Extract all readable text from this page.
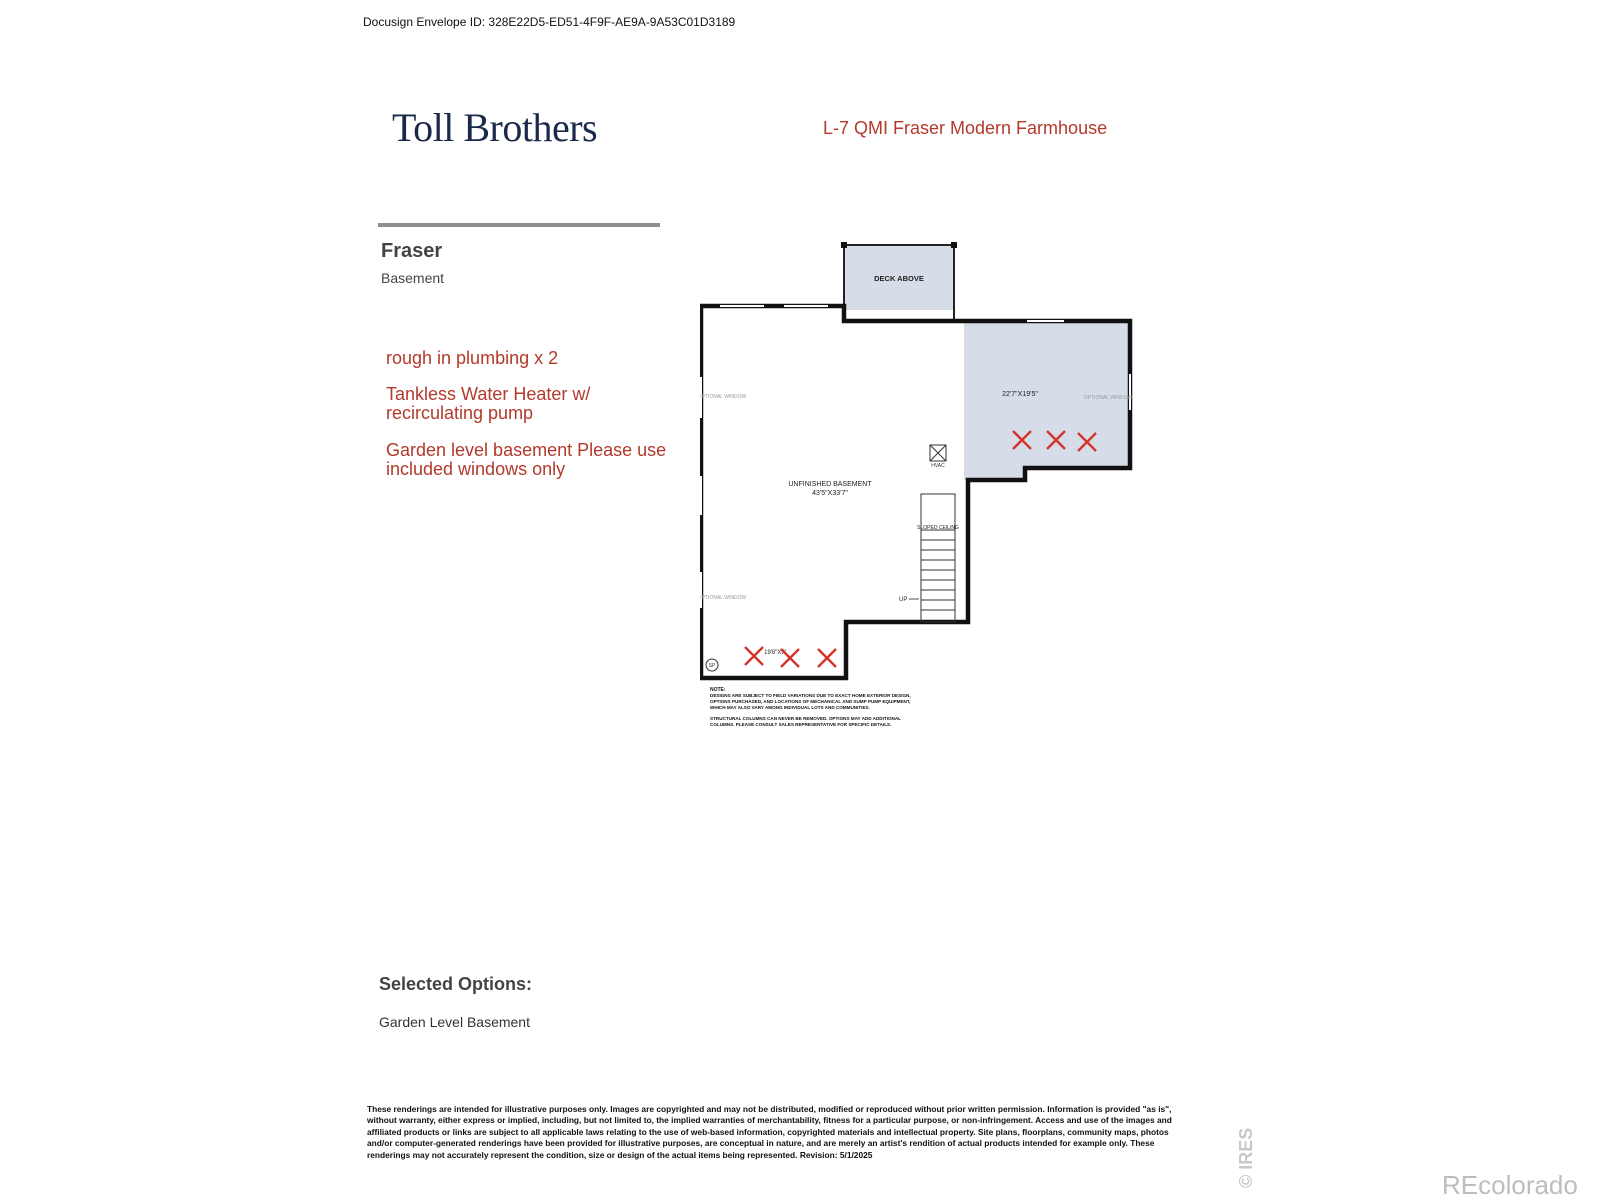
Docusign Envelope ID: 328E22D5-ED51-4F9F-AE9A-9A53C01D3189
Toll Brothers	L-7 QMI Fraser Modern Farmhouse
Fraser
Basement
rough in plumbing x 2
Tankless Water Heater w/ recirculating pump
Garden level basement Please use included windows only	HVAC
SP
DECK ABOVE
UNFINISHED BASEMENT
43'5"X33'7"
22'7"X19'5"
19'8"X7'
OPTIONAL WINDOW
OPTIONAL WINDOW
OPTIONAL WINDOW
SLOPED CEILING
UP
NOTE:
DESIGNS ARE SUBJECT TO FIELD VARIATIONS DUE TO EXACT HOME EXTERIOR DESIGN,
OPTIONS PURCHASED, AND LOCATIONS OF MECHANICAL AND SUMP PUMP EQUIPMENT,
WHICH MAY ALSO VARY AMONG INDIVIDUAL LOTS AND COMMUNITIES.
STRUCTURAL COLUMNS CAN NEVER BE REMOVED. OPTIONS MAY ADD ADDITIONAL
COLUMNS. PLEASE CONSULT SALES REPRESENTATIVE FOR SPECIFIC DETAILS.
Selected Options:
Garden Level Basement
These renderings are intended for illustrative purposes only. Images are copyrighted and may not be distributed, modified or reproduced without prior written permission. Information is provided "as is", without warranty, either express or implied, including, but not limited to, the implied warranties of merchantability, fitness for a particular purpose, or non-infringement. Access and use of the images and affiliated products or links are subject to all applicable laws relating to the use of web-based information, copyrighted materials and intellectual property. Site plans, floorplans, community maps, photos and/or computer-generated renderings have been provided for illustrative purposes, are conceptual in nature, and are merely an artist's rendition of actual products intended for example only. These renderings may not accurately represent the condition, size or design of the actual items being represented. Revision: 5/1/2025	© IRES	REcolorado
